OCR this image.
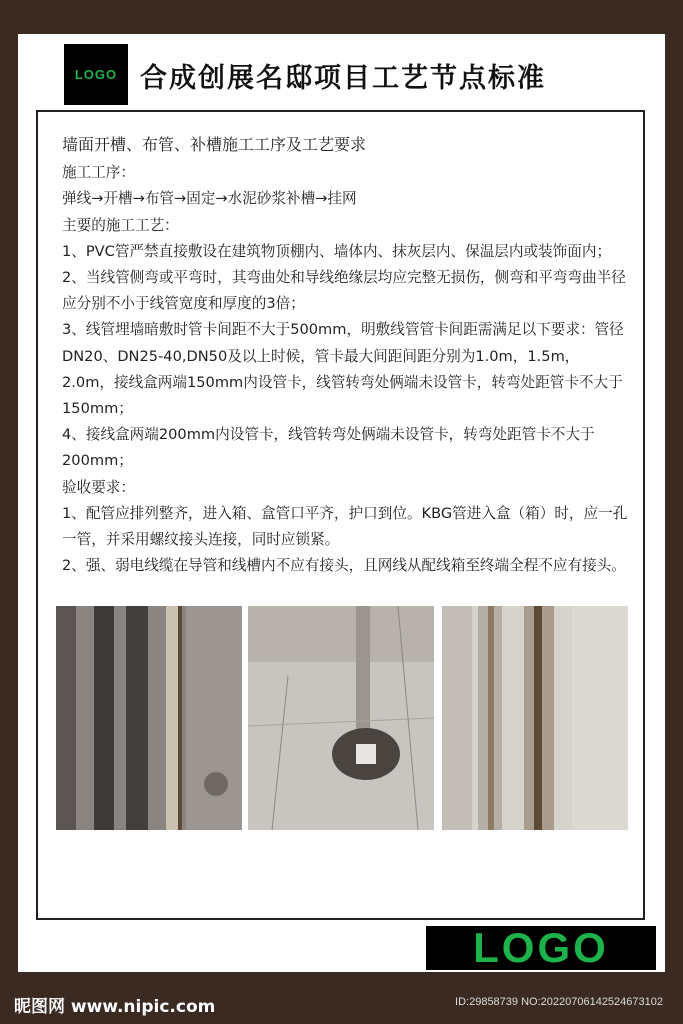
LOGO 合成创展名邸项目工艺节点标准

墙面开槽、布管、补槽施工工序及工艺要求

施工工序：

弹线→开槽→布管→固定→水泥砂浆补槽→挂网

主要的施工工艺：

1、PVC管严禁直接敷设在建筑物顶棚内、墙体内、抹灰层内、保温层内或装饰面内；

2、当线管侧弯或平弯时，其弯曲处和导线绝缘层均应完整无损伤，侧弯和平弯弯曲半径应分别不小于线管宽度和厚度的3倍；

3、线管埋墙暗敷时管卡间距不大于500mm，明敷线管管卡间距需满足以下要求：管径DN20、DN25-40,DN50及以上时候，管卡最大间距间距分别为1.0m，1.5m，2.0m，接线盒两端150mm内设管卡，线管转弯处俩端未设管卡，转弯处距管卡不大于150mm；

4、接线盒两端200mm内设管卡，线管转弯处俩端未设管卡，转弯处距管卡不大于200mm；

验收要求：

1、配管应排列整齐，进入箱、盒管口平齐，护口到位。KBG管进入盒（箱）时，应一孔一管，并采用螺纹接头连接，同时应锁紧。

2、强、弱电线缆在导管和线槽内不应有接头，且网线从配线箱至终端全程不应有接头。

LOGO
昵图网 www.nipic.com	ID:29858739 NO:20220706142524673102
